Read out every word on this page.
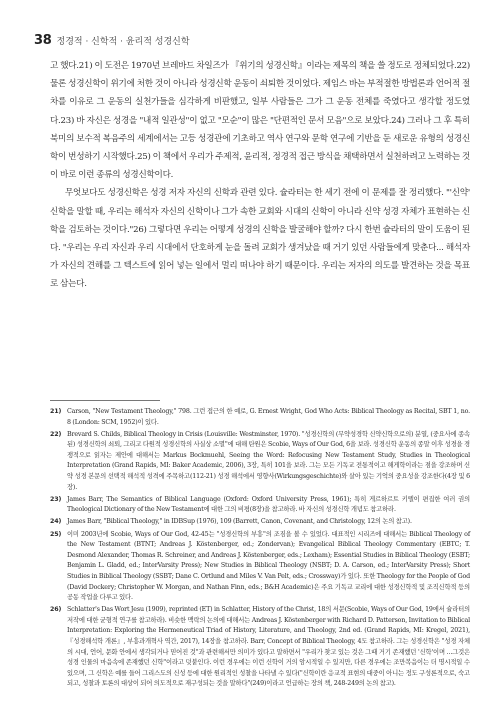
38 정경적 · 신학적 · 윤리적 성경신학

고 했다.21) 이 도전은 1970년 브레바드 차일즈가 『위기의 성경신학』이라는 제목의 책을 쓸 정도로 정체되었다.22) 물론 성경신학이 위기에 처한 것이 아니라 성경신학 운동이 쇠퇴한 것이었다. 제임스 바는 부적절한 방법론과 언어적 절차를 이유로 그 운동의 실천가들을 심각하게 비판했고, 일부 사람들은 그가 그 운동 전체를 죽였다고 생각할 정도였다.23) 바 자신은 성경을 "내적 일관성"이 없고 "모순"이 많은 "단편적인 문서 모음"으로 보았다.24) 그러나 그 후 특히 북미의 보수적 복음주의 세계에서는 고등 성경관에 기초하고 역사 연구와 문학 연구에 기반을 둔 새로운 유형의 성경신학이 번성하기 시작했다.25) 이 책에서 우리가 주제적, 윤리적, 정경적 접근 방식을 채택하면서 실천하려고 노력하는 것이 바로 이런 종류의 성경신학이다.

무엇보다도 성경신학은 성경 저자 자신의 신학과 관련 있다. 슐라터는 한 세기 전에 이 문제를 잘 정리했다. "'신약' 신학을 말할 때, 우리는 해석자 자신의 신학이나 그가 속한 교회와 시대의 신학이 아니라 신약 성경 자체가 표현하는 신학을 검토하는 것이다."26) 그렇다면 우리는 어떻게 성경의 신학을 발굴해야 할까? 다시 한번 슐라터의 말이 도움이 된다. "우리는 우리 자신과 우리 시대에서 단호하게 눈을 돌려 교회가 생겨났을 때 거기 있던 사람들에게 맞춘다... 해석자가 자신의 견해를 그 텍스트에 읽어 넣는 일에서 멀리 떠나야 하기 때문이다. 우리는 저자의 의도를 발견하는 것을 목표로 삼는다.

21) Carson, "New Testament Theology," 798. 그런 접근의 한 예로, G. Ernest Wright, God Who Acts: Biblical Theology as Recital, SBT 1, no. 8 (London: SCM, 1952)이 있다.
22) Brevard S. Childs, Biblical Theology in Crisis (Louisville: Westminster, 1970). "성경신학의 (무약성경학 신약신학으로의) 분열, (중요사에 종속된) 성경신학의 쇠퇴, 그리고 다원적 성경신학의 사실상 소멸"에 대해 탄원은 Scobie, Ways of Our God, 6을 보라. 성경신학 운동의 종말 이후 성경을 경쟁적으로 읽자는 제안에 대해서는 Markus Bockmuehl, Seeing the Word: Refocusing New Testament Study, Studies in Theological Interpretation (Grand Rapids, MI: Baker Academic, 2006), 3장, 특히 101을 보라. 그는 모든 기독교 전통적이고 해게학이라는 점을 강조하며 신약 성경 본문의 선택적 해석적 성격에 주목하고(112-21) 성경 해석에서 영향사(Wirkungsgeschichte)와 살아 있는 기억의 중요성을 강조한다(4장 및 6장).
23) James Barr, The Semantics of Biblical Language (Oxford: Oxford University Press, 1961); 특히 게르하르트 키텔이 편집한 여러 권의 Theological Dictionary of the New Testament에 대한 그의 비평(8장)을 참고하라. 바 자신의 성경신학 개념도 참고하라.
24) James Barr, "Biblical Theology," in IDBSup (1976), 109 (Barrett, Canon, Covenant, and Christology, 12의 논의 참고).
25) 이미 2003년에 Scobie, Ways of Our God, 42-45는 "성경신학의 부흥"의 조짐을 볼 수 있었다. 대표적인 시리즈에 대해서는 Biblical Theology of the New Testament (BTNT; Andreas J. Köstenberger, ed.; Zondervan); Evangelical Biblical Theology Commentary (EBTC; T. Desmond Alexander, Thomas R. Schreiner, and Andreas J. Köstenberger, eds.; Lexham); Essential Studies in Biblical Theology (ESBT; Benjamin L. Gladd, ed.; InterVarsity Press); New Studies in Biblical Theology (NSBT; D. A. Carson, ed.; InterVarsity Press); Short Studies in Biblical Theology (SSBT; Dane C. Ortlund and Miles V. Van Pelt, eds.; Crossway)가 있다. 또한 Theology for the People of God (David Dockery; Christopher W. Morgan, and Nathan Finn, eds.; B&H Academic)은 주요 기독교 교리에 대한 성경신학적 및 조직신학적 등의 공동 작업을 다루고 있다.
26) Schlatter's Das Wort Jesu (1909), reprinted (ET) in Schlatter, History of the Christ, 18의 서문(Scobie, Ways of Our God, 19에서 슐라터의 저작에 대한 균형적 연구를 참고하라). 비슷한 맥락의 논의에 대해서는 Andreas J. Köstenberger with Richard D. Patterson, Invitation to Biblical Interpretation: Exploring the Hermeneutical Triad of History, Literature, and Theology, 2nd ed. (Grand Rapids, MI: Kregel, 2021), 『성경해석학 개론』, 부흥과개혁사 역간, 2017), 14장을 참고하라. Barr, Concept of Biblical Theology, 4도 참고하라. 그는 성경신학은 "성경 자체의 시대, 언어, 문화 안에서 생각되거나 믿어진 것"과 관련해서만 의미가 있다고 말하면서 "우리가 찾고 있는 것은 그때 거기 존재했던 '신학'이며 ...그것은 성경 인물의 마음속에 존재했던 신학"이라고 덧붙인다. 이런 경우에는 이런 신학이 거의 암시적일 수 있지만, 다른 경우에는 조만복음이는 더 명시적일 수 있으며, 그 신학은 예를 들어 그리스도의 신성 등에 대한 원리적인 성찰을 나타낼 수 있다("신학이란 응교적 표현의 대중이 아니는 정도 구성론적으로, 숙고되고, 성찰과 토론의 대상이 되어 의도적으로 재구성되는 것을 말하다"(249)이라고 언급하는 장의 책, 248-249의 논의 참고).
